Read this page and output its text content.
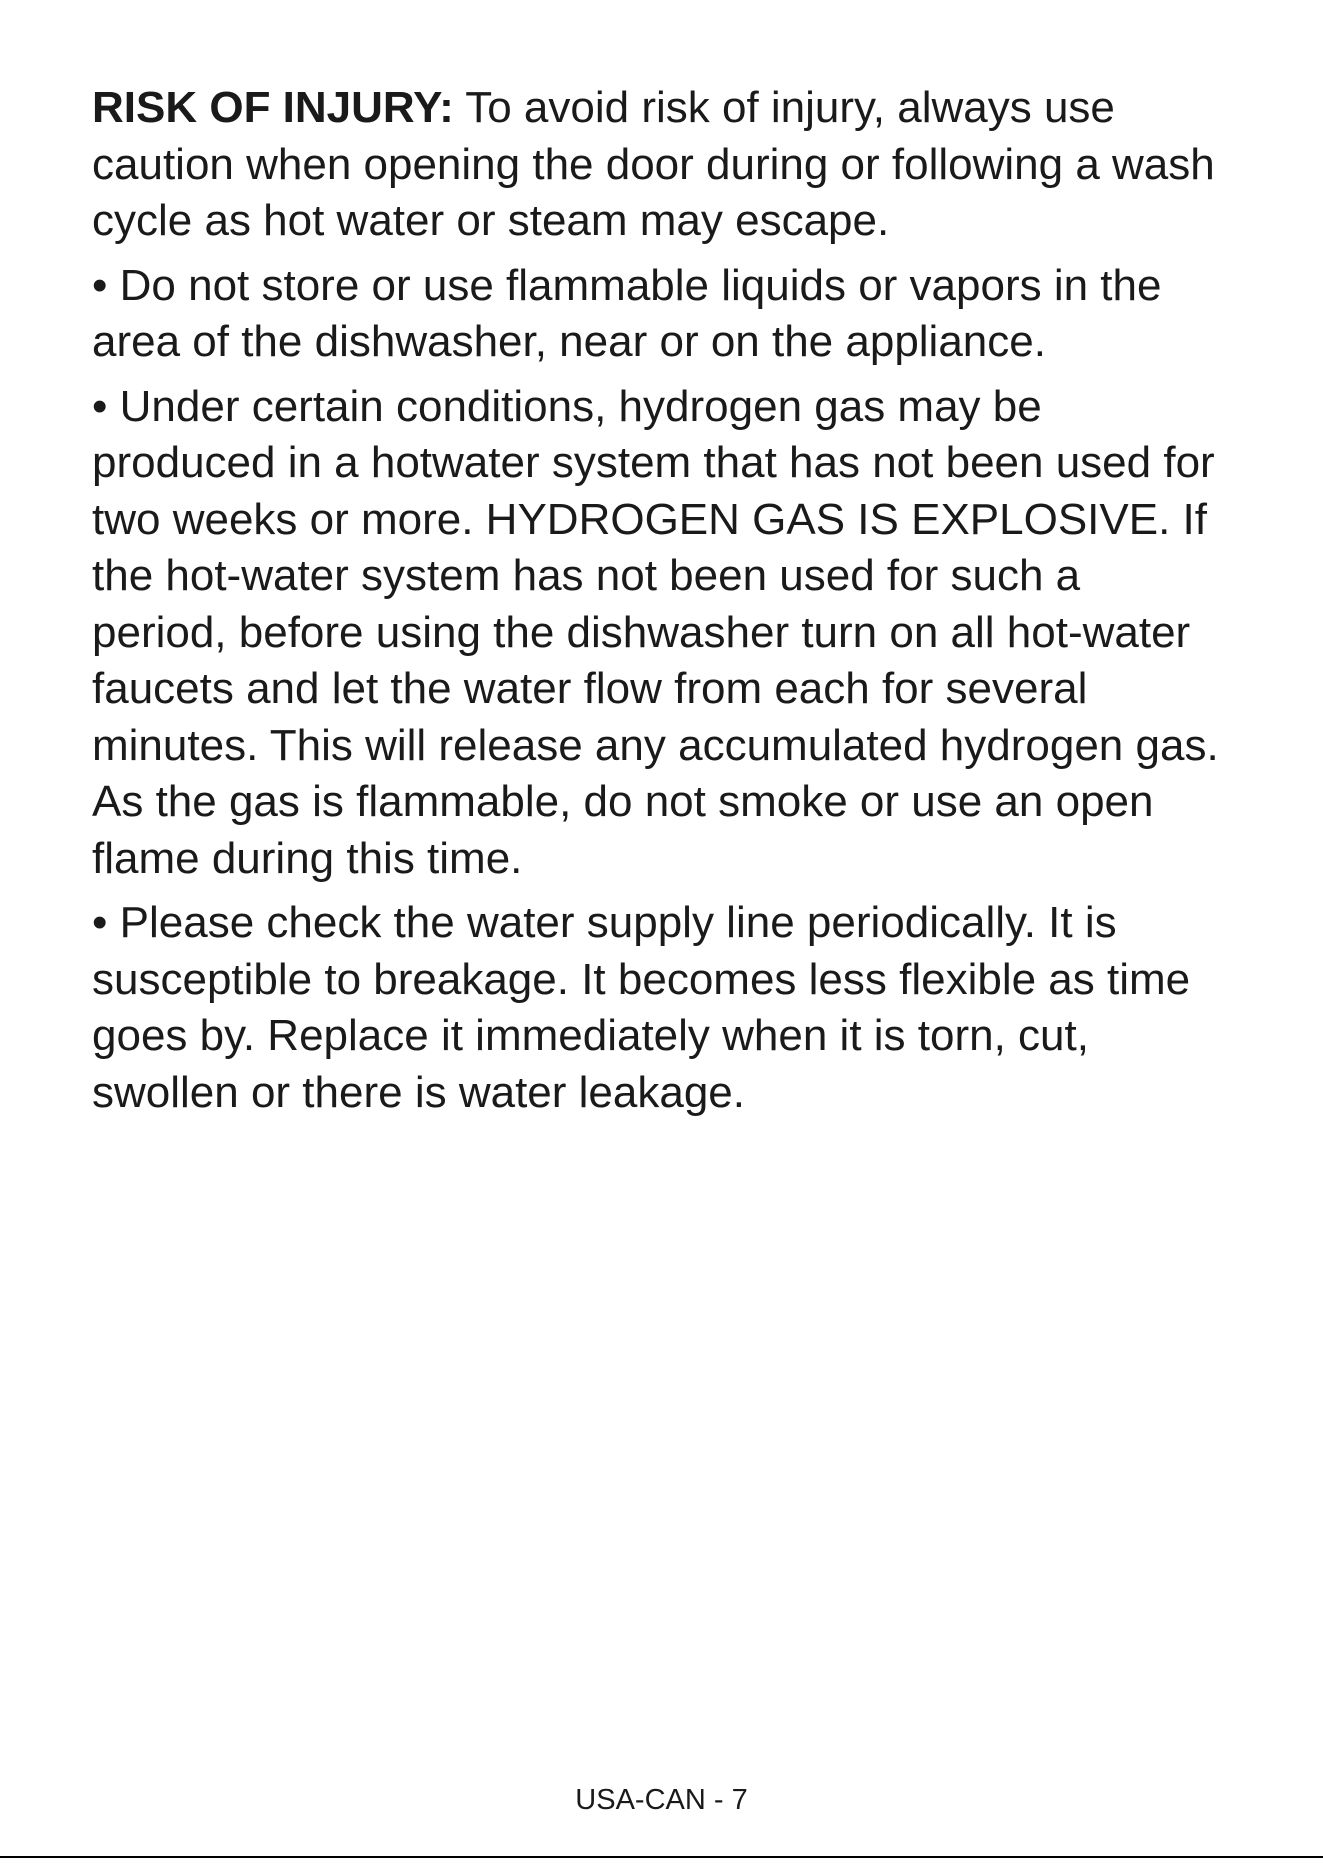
RISK OF INJURY: To avoid risk of injury, always use caution when opening the door during or following a wash cycle as hot water or steam may escape.

• Do not store or use flammable liquids or vapors in the area of the dishwasher, near or on the appliance.

• Under certain conditions, hydrogen gas may be produced in a hotwater system that has not been used for two weeks or more. HYDROGEN GAS IS EXPLOSIVE. If the hot-water system has not been used for such a period, before using the dishwasher turn on all hot-water faucets and let the water flow from each for several minutes. This will release any accumulated hydrogen gas. As the gas is flammable, do not smoke or use an open flame during this time.

• Please check the water supply line periodically. It is susceptible to breakage. It becomes less flexible as time goes by. Replace it immediately when it is torn, cut, swollen or there is water leakage.

USA-CAN - 7
